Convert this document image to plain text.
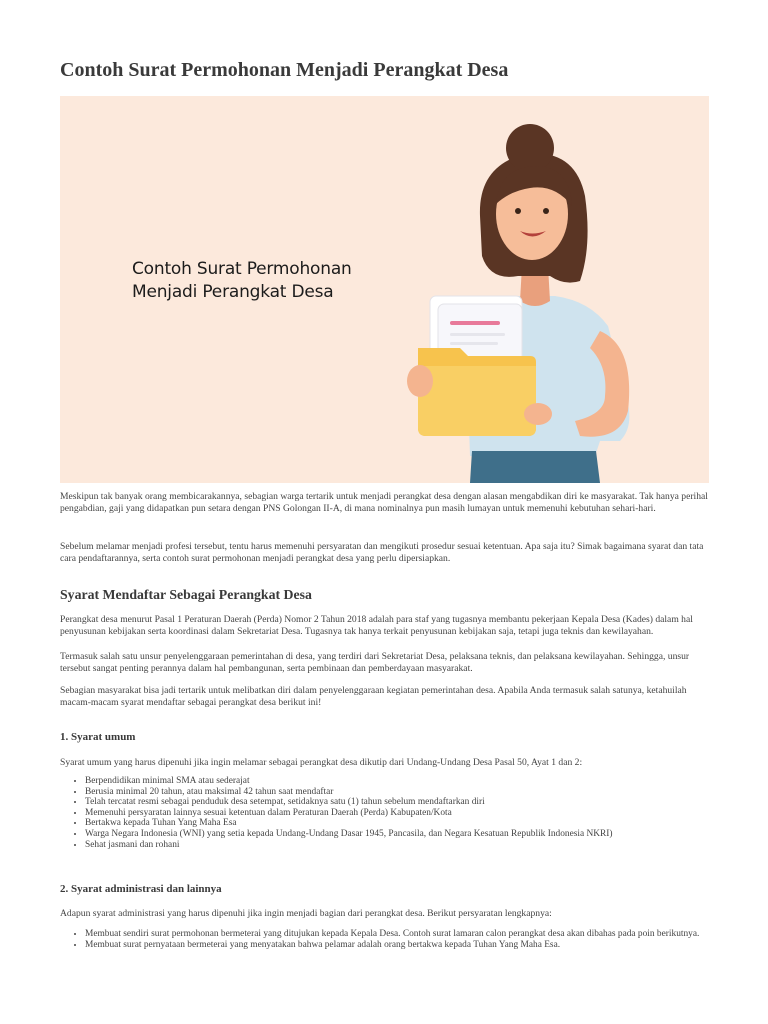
Contoh Surat Permohonan Menjadi Perangkat Desa
Contoh Surat Permohonan
Menjadi Perangkat Desa

Meskipun tak banyak orang membicarakannya, sebagian warga tertarik untuk menjadi perangkat desa dengan alasan mengabdikan diri ke masyarakat. Tak hanya perihal pengabdian, gaji yang didapatkan pun setara dengan PNS Golongan II-A, di mana nominalnya pun masih lumayan untuk memenuhi kebutuhan sehari-hari.

Sebelum melamar menjadi profesi tersebut, tentu harus memenuhi persyaratan dan mengikuti prosedur sesuai ketentuan. Apa saja itu? Simak bagaimana syarat dan tata cara pendaftarannya, serta contoh surat permohonan menjadi perangkat desa yang perlu dipersiapkan.

Syarat Mendaftar Sebagai Perangkat Desa

Perangkat desa menurut Pasal 1 Peraturan Daerah (Perda) Nomor 2 Tahun 2018 adalah para staf yang tugasnya membantu pekerjaan Kepala Desa (Kades) dalam hal penyusunan kebijakan serta koordinasi dalam Sekretariat Desa. Tugasnya tak hanya terkait penyusunan kebijakan saja, tetapi juga teknis dan kewilayahan.

Termasuk salah satu unsur penyelenggaraan pemerintahan di desa, yang terdiri dari Sekretariat Desa, pelaksana teknis, dan pelaksana kewilayahan. Sehingga, unsur tersebut sangat penting perannya dalam hal pembangunan, serta pembinaan dan pemberdayaan masyarakat.

Sebagian masyarakat bisa jadi tertarik untuk melibatkan diri dalam penyelenggaraan kegiatan pemerintahan desa. Apabila Anda termasuk salah satunya, ketahuilah macam-macam syarat mendaftar sebagai perangkat desa berikut ini!

1. Syarat umum

Syarat umum yang harus dipenuhi jika ingin melamar sebagai perangkat desa dikutip dari Undang-Undang Desa Pasal 50, Ayat 1 dan 2:

• Berpendidikan minimal SMA atau sederajat
• Berusia minimal 20 tahun, atau maksimal 42 tahun saat mendaftar
• Telah tercatat resmi sebagai penduduk desa setempat, setidaknya satu (1) tahun sebelum mendaftarkan diri
• Memenuhi persyaratan lainnya sesuai ketentuan dalam Peraturan Daerah (Perda) Kabupaten/Kota
• Bertakwa kepada Tuhan Yang Maha Esa
• Warga Negara Indonesia (WNI) yang setia kepada Undang-Undang Dasar 1945, Pancasila, dan Negara Kesatuan Republik Indonesia NKRI)
• Sehat jasmani dan rohani
2. Syarat administrasi dan lainnya

Adapun syarat administrasi yang harus dipenuhi jika ingin menjadi bagian dari perangkat desa. Berikut persyaratan lengkapnya:

• Membuat sendiri surat permohonan bermeterai yang ditujukan kepada Kepala Desa. Contoh surat lamaran calon perangkat desa akan dibahas pada poin berikutnya.
• Membuat surat pernyataan bermeterai yang menyatakan bahwa pelamar adalah orang bertakwa kepada Tuhan Yang Maha Esa.
